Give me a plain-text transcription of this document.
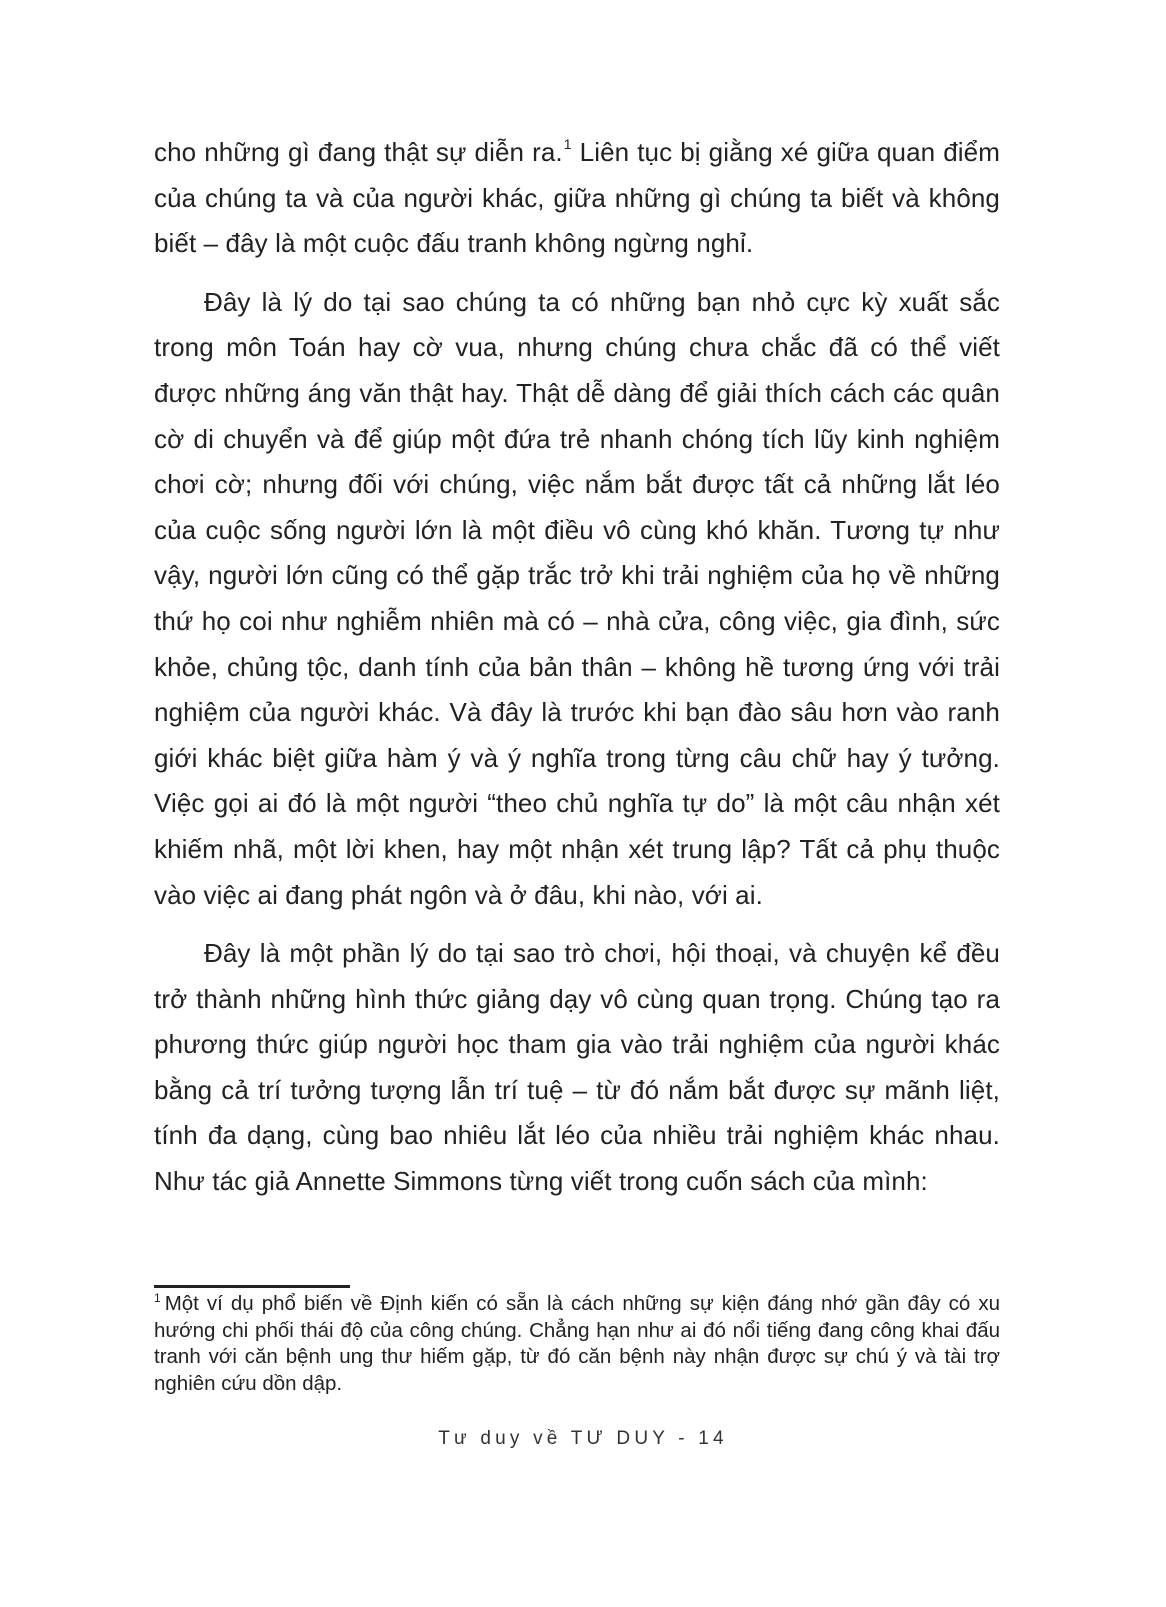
cho những gì đang thật sự diễn ra.$^1$ Liên tục bị giằng xé giữa quan điểm của chúng ta và của người khác, giữa những gì chúng ta biết và không biết – đây là một cuộc đấu tranh không ngừng nghỉ.

Đây là lý do tại sao chúng ta có những bạn nhỏ cực kỳ xuất sắc trong môn Toán hay cờ vua, nhưng chúng chưa chắc đã có thể viết được những áng văn thật hay. Thật dễ dàng để giải thích cách các quân cờ di chuyển và để giúp một đứa trẻ nhanh chóng tích lũy kinh nghiệm chơi cờ; nhưng đối với chúng, việc nắm bắt được tất cả những lắt léo của cuộc sống người lớn là một điều vô cùng khó khăn. Tương tự như vậy, người lớn cũng có thể gặp trắc trở khi trải nghiệm của họ về những thứ họ coi như nghiễm nhiên mà có – nhà cửa, công việc, gia đình, sức khỏe, chủng tộc, danh tính của bản thân – không hề tương ứng với trải nghiệm của người khác. Và đây là trước khi bạn đào sâu hơn vào ranh giới khác biệt giữa hàm ý và ý nghĩa trong từng câu chữ hay ý tưởng. Việc gọi ai đó là một người “theo chủ nghĩa tự do” là một câu nhận xét khiếm nhã, một lời khen, hay một nhận xét trung lập? Tất cả phụ thuộc vào việc ai đang phát ngôn và ở đâu, khi nào, với ai.

Đây là một phần lý do tại sao trò chơi, hội thoại, và chuyện kể đều trở thành những hình thức giảng dạy vô cùng quan trọng. Chúng tạo ra phương thức giúp người học tham gia vào trải nghiệm của người khác bằng cả trí tưởng tượng lẫn trí tuệ – từ đó nắm bắt được sự mãnh liệt, tính đa dạng, cùng bao nhiêu lắt léo của nhiều trải nghiệm khác nhau. Như tác giả Annette Simmons từng viết trong cuốn sách của mình:

$^1$ Một ví dụ phổ biến về Định kiến có sẵn là cách những sự kiện đáng nhớ gần đây có xu hướng chi phối thái độ của công chúng. Chẳng hạn như ai đó nổi tiếng đang công khai đấu tranh với căn bệnh ung thư hiếm gặp, từ đó căn bệnh này nhận được sự chú ý và tài trợ nghiên cứu dồn dập.

Tư duy về TƯ DUY - 14
